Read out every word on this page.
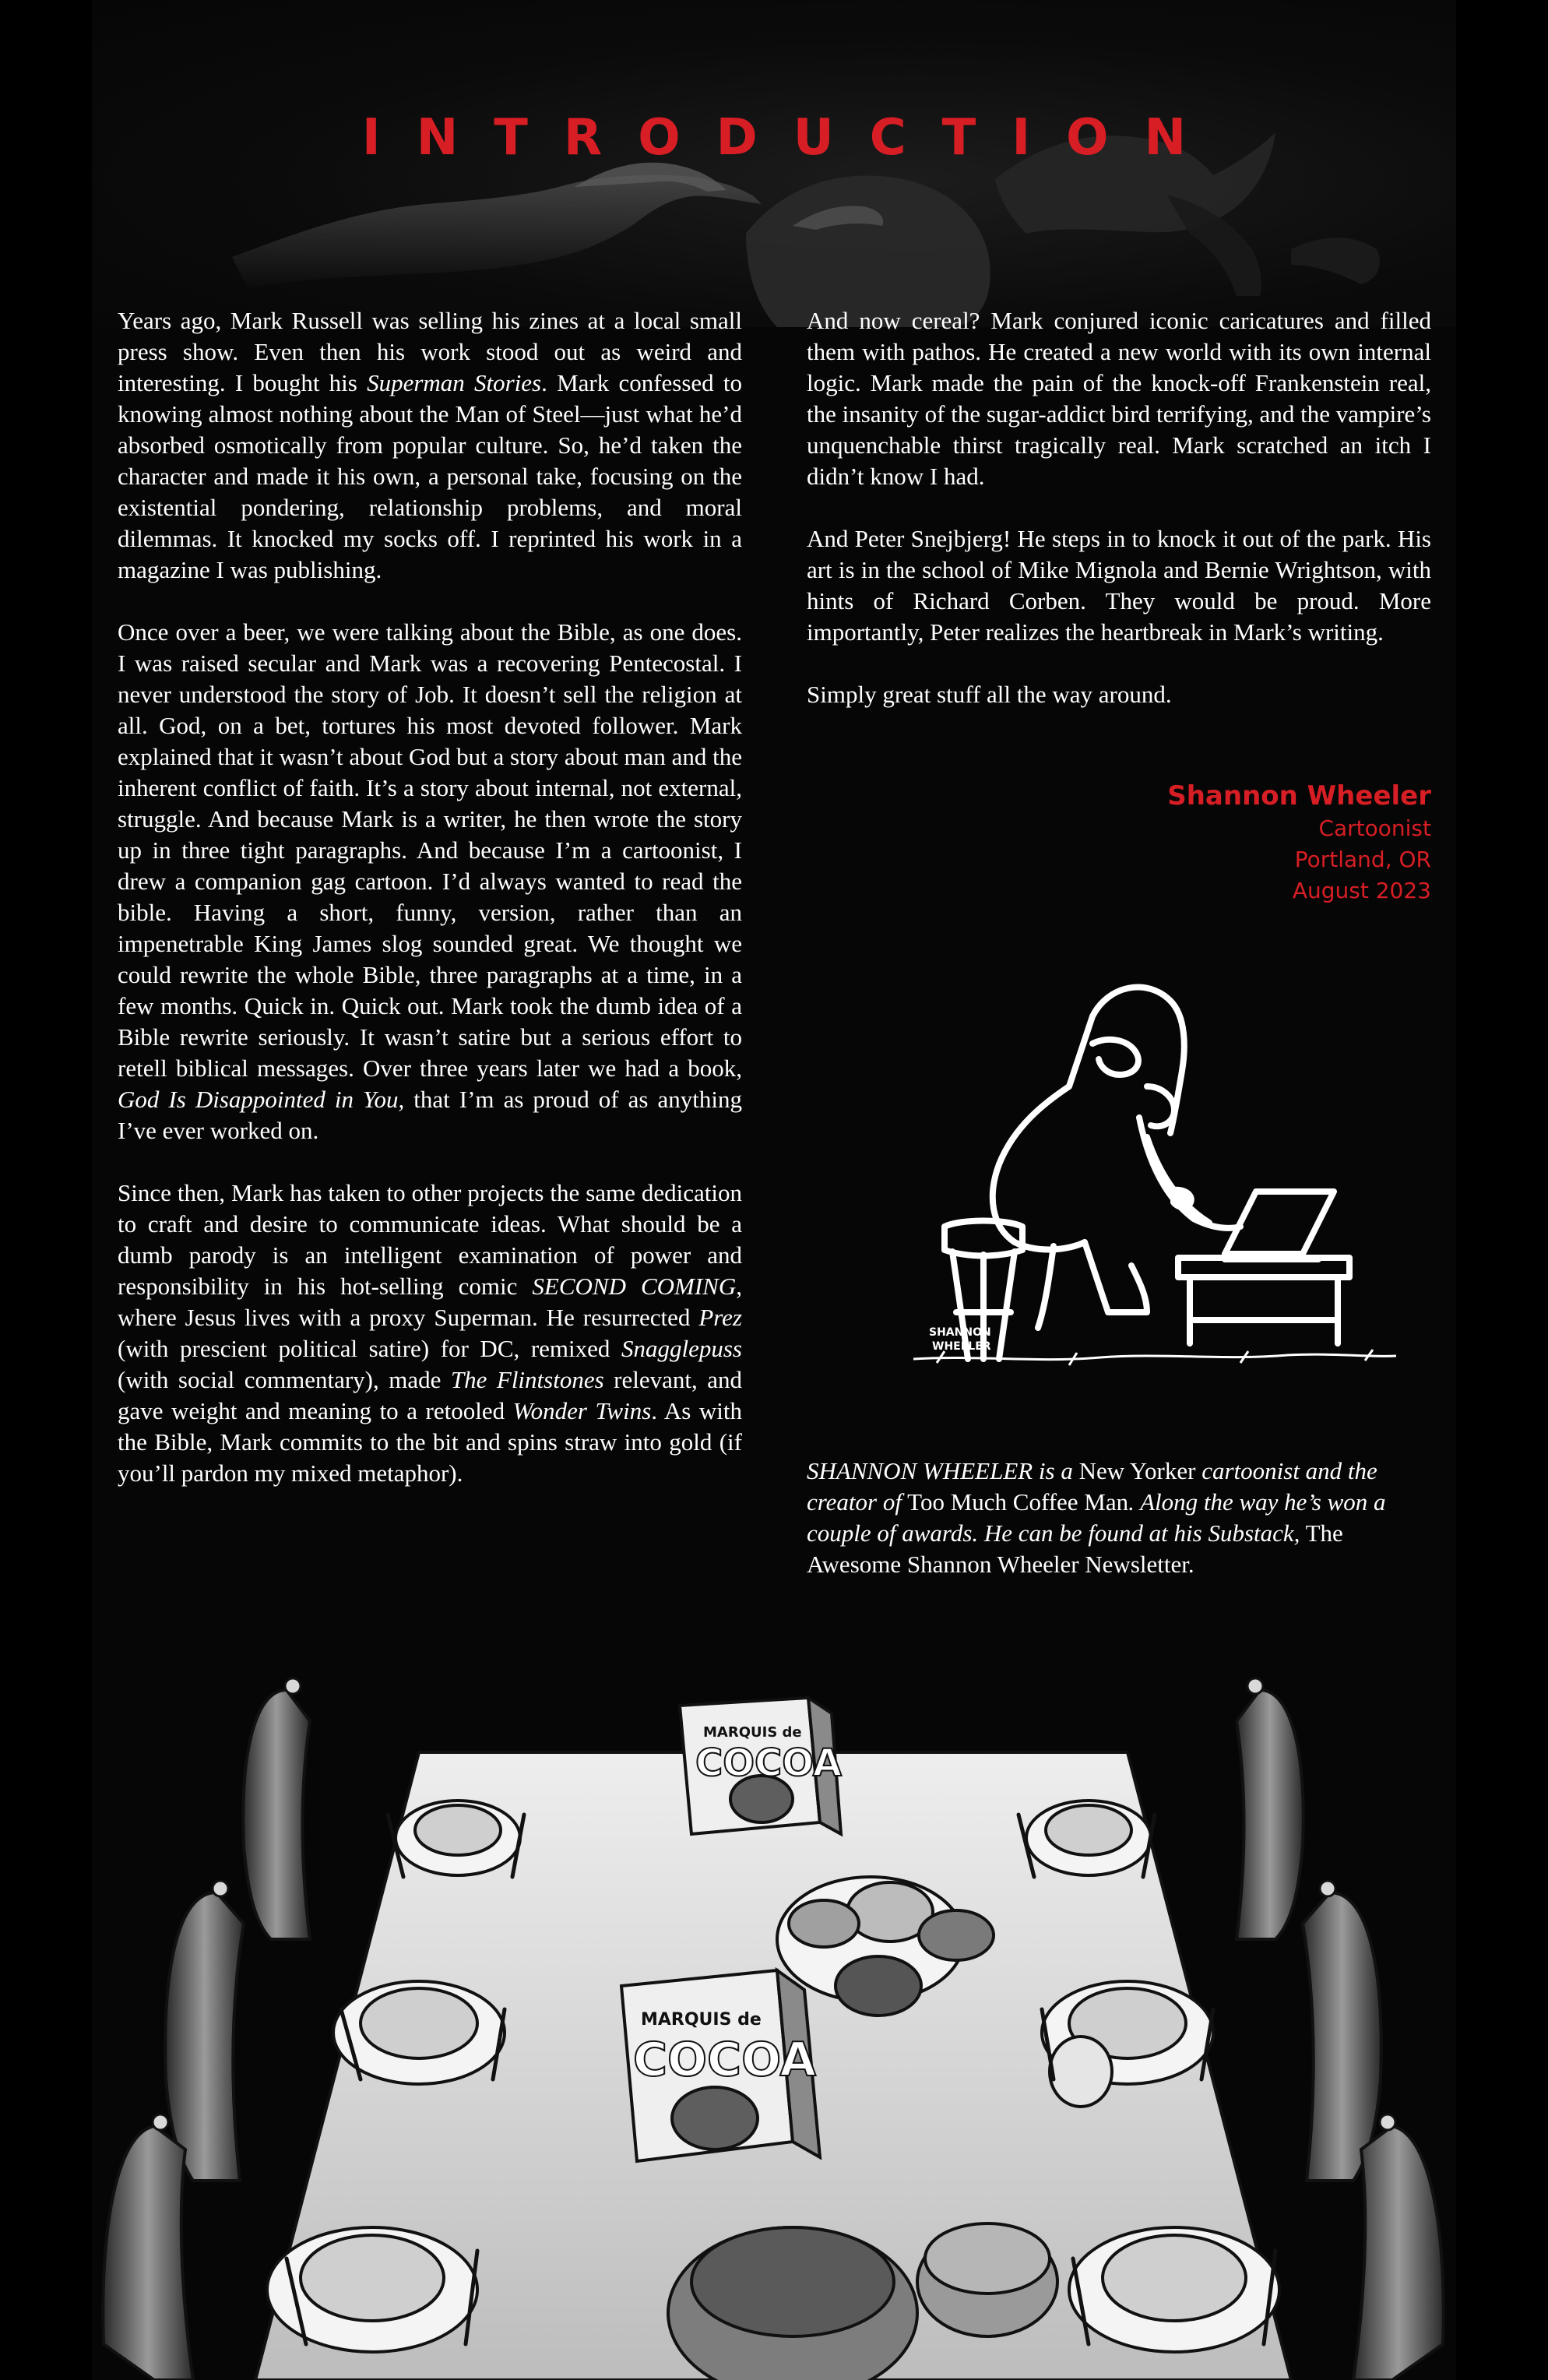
INTRODUCTION

Years ago, Mark Russell was selling his zines at a local small press show. Even then his work stood out as weird and interesting. I bought his Superman Stories. Mark confessed to knowing almost nothing about the Man of Steel—just what he’d absorbed osmotically from popular culture. So, he’d taken the character and made it his own, a personal take, focusing on the existential pondering, relationship problems, and moral dilemmas. It knocked my socks off. I reprinted his work in a magazine I was publishing.

Once over a beer, we were talking about the Bible, as one does. I was raised secular and Mark was a recovering Pentecostal. I never understood the story of Job. It doesn’t sell the religion at all. God, on a bet, tortures his most devoted follower. Mark explained that it wasn’t about God but a story about man and the inherent conflict of faith. It’s a story about internal, not external, struggle. And because Mark is a writer, he then wrote the story up in three tight paragraphs. And because I’m a cartoonist, I drew a companion gag cartoon. I’d always wanted to read the bible. Having a short, funny, version, rather than an impenetrable King James slog sounded great. We thought we could rewrite the whole Bible, three paragraphs at a time, in a few months. Quick in. Quick out. Mark took the dumb idea of a Bible rewrite seriously. It wasn’t satire but a serious effort to retell biblical messages. Over three years later we had a book, God Is Disappointed in You, that I’m as proud of as anything I’ve ever worked on.

Since then, Mark has taken to other projects the same dedication to craft and desire to communicate ideas. What should be a dumb parody is an intelligent examination of power and responsibility in his hot-selling comic SECOND COMING, where Jesus lives with a proxy Superman. He resurrected Prez (with prescient political satire) for DC, remixed Snagglepuss (with social commentary), made The Flintstones relevant, and gave weight and meaning to a retooled Wonder Twins. As with the Bible, Mark commits to the bit and spins straw into gold (if you’ll pardon my mixed metaphor).

And now cereal? Mark conjured iconic caricatures and filled them with pathos. He created a new world with its own internal logic. Mark made the pain of the knock-off Frankenstein real, the insanity of the sugar-addict bird terrifying, and the vampire’s unquenchable thirst tragically real. Mark scratched an itch I didn’t know I had.

And Peter Snejbjerg! He steps in to knock it out of the park. His art is in the school of Mike Mignola and Bernie Wrightson, with hints of Richard Corben. They would be proud. More importantly, Peter realizes the heartbreak in Mark’s writing.

Simply great stuff all the way around.

Shannon Wheeler
Cartoonist
Portland, OR
August 2023
SHANNON
WHEELER
SHANNON WHEELER is a New Yorker cartoonist and the creator of Too Much Coffee Man. Along the way he’s won a couple of awards. He can be found at his Substack, The Awesome Shannon Wheeler Newsletter.
MARQUIS de
COCOA
MARQUIS de
COCOA
